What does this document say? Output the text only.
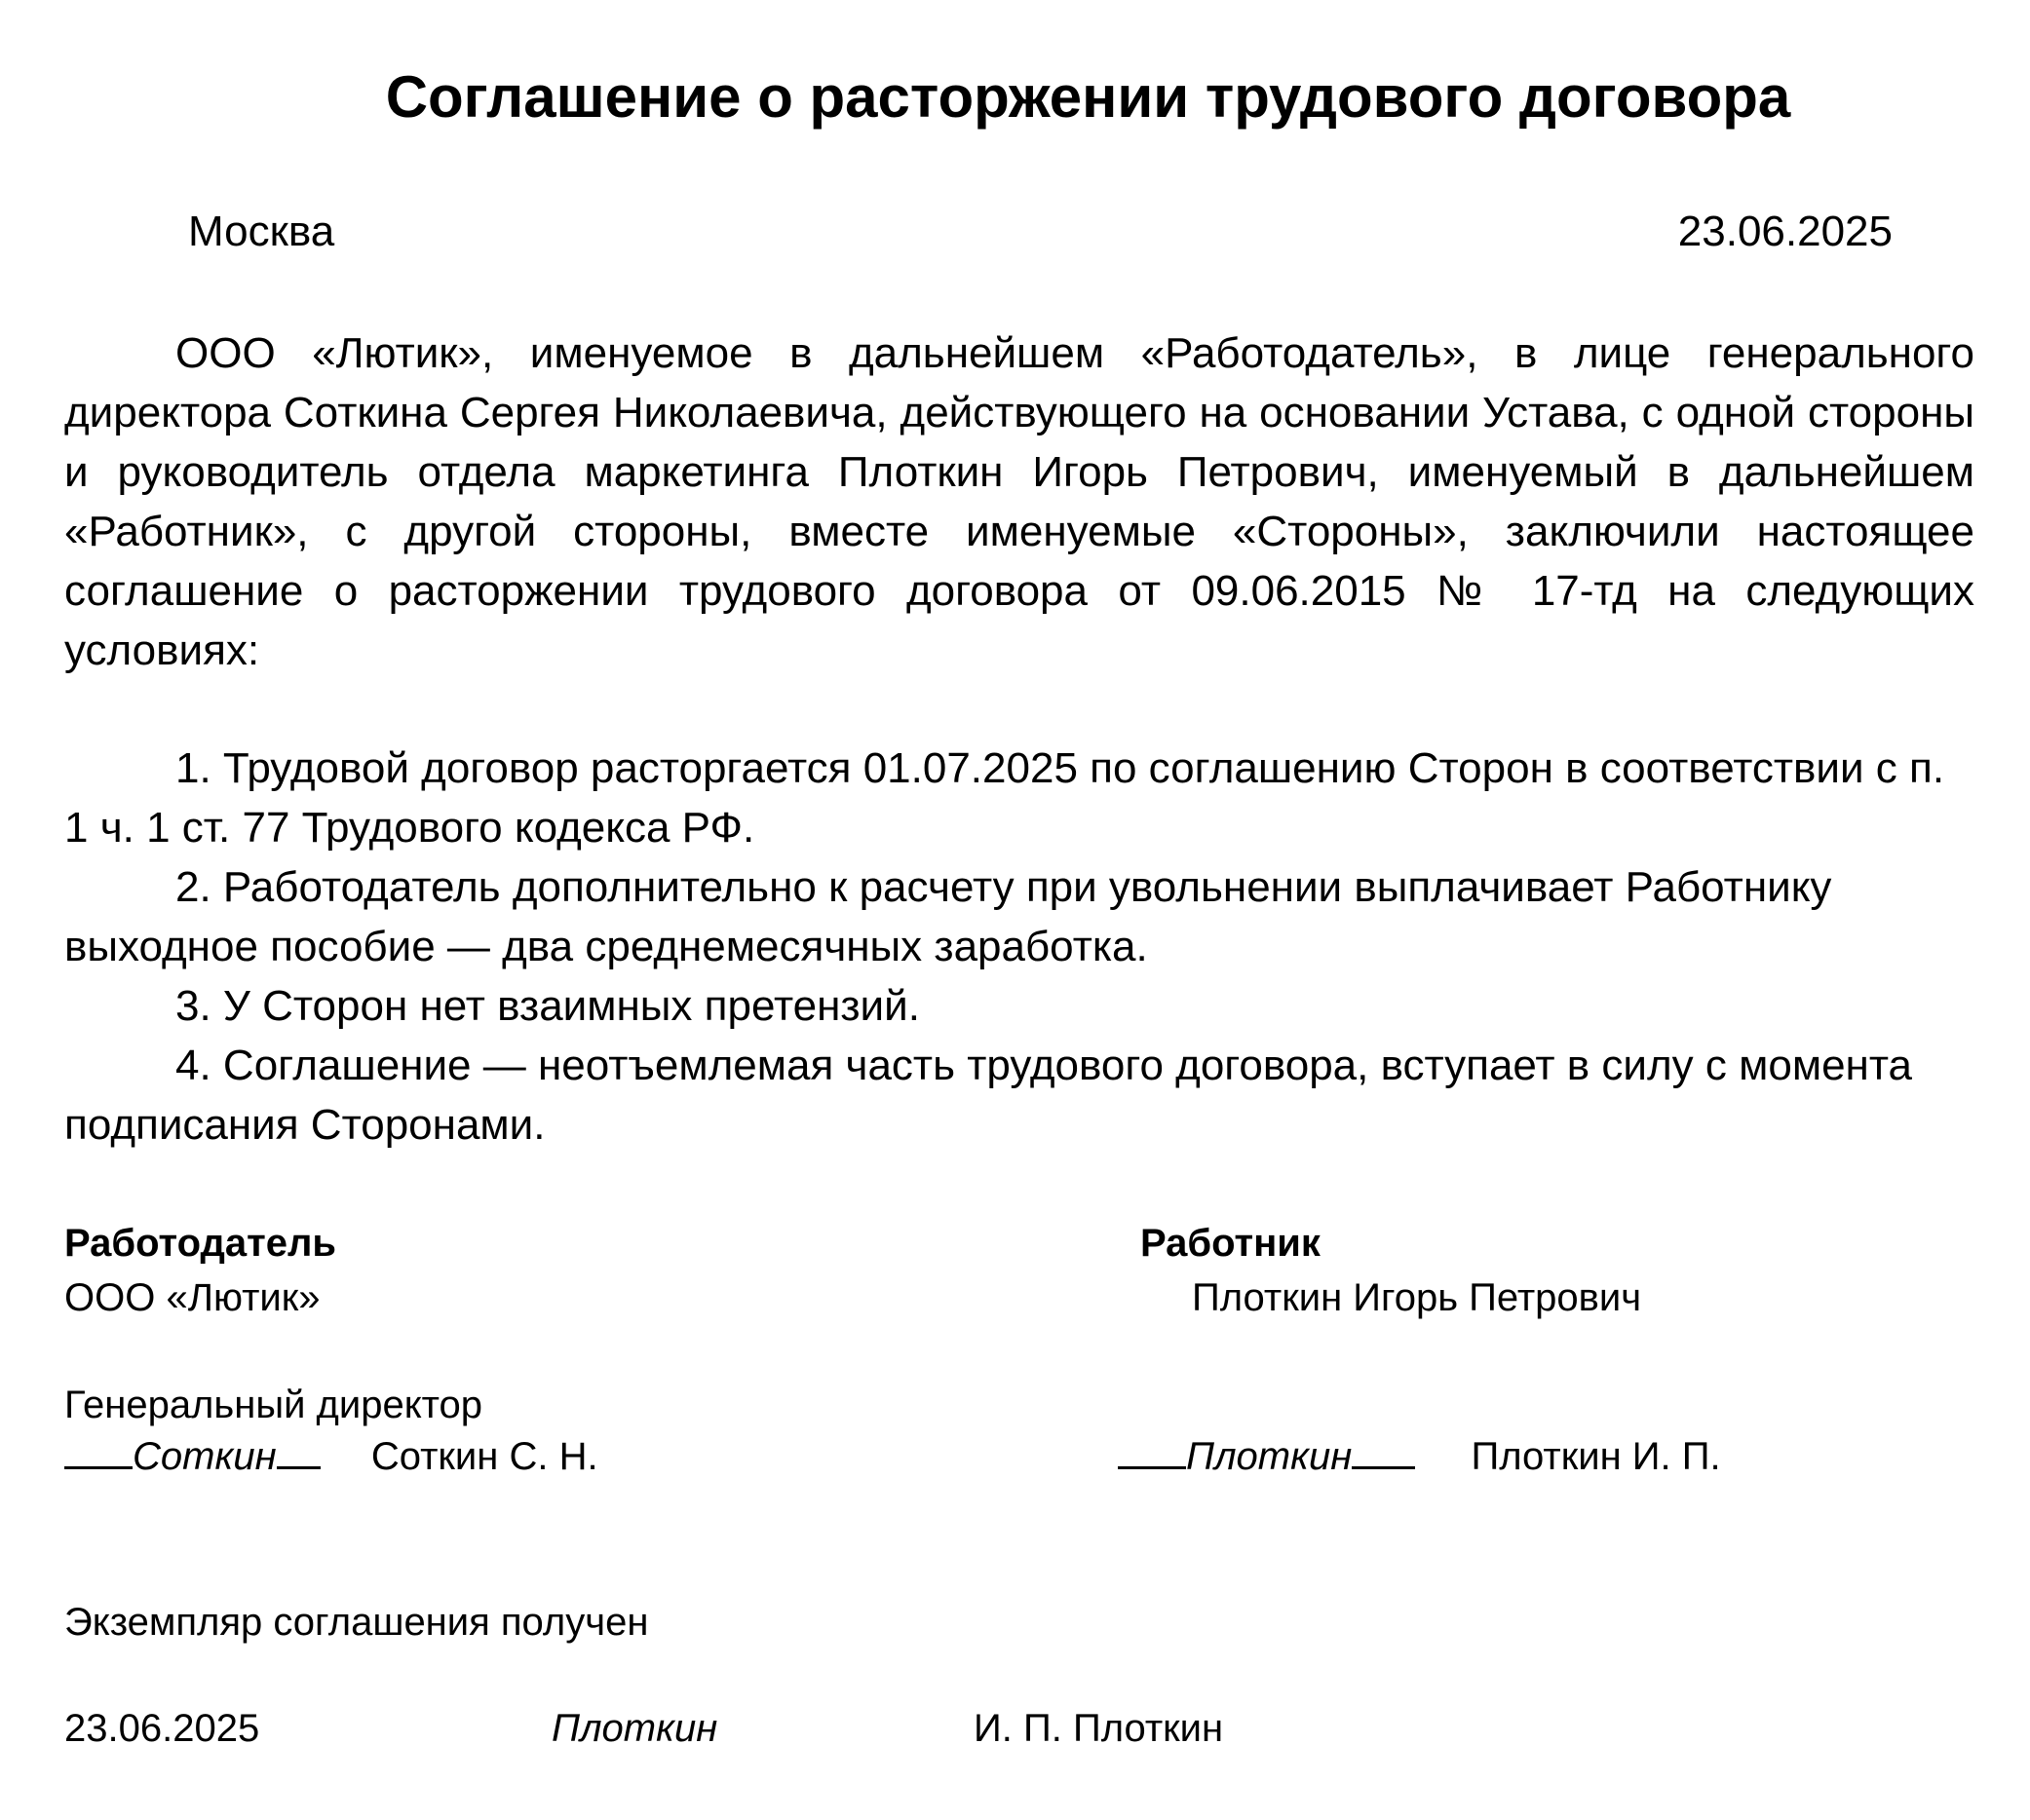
Соглашение о расторжении трудового договора
Москва	23.06.2025

ООО «Лютик», именуемое в дальнейшем «Работодатель», в лице генерального директора Соткина Сергея Николаевича, действующего на основании Устава, с одной стороны и руководитель отдела маркетинга Плоткин Игорь Петрович, именуемый в дальнейшем «Работник», с другой стороны, вместе именуемые «Стороны», заключили настоящее соглашение о расторжении трудового договора от 09.06.2015 № 17-тд на следующих условиях:

1. Трудовой договор расторгается 01.07.2025 по соглашению Сторон в соответствии с п. 1 ч. 1 ст. 77 Трудового кодекса РФ.

2. Работодатель дополнительно к расчету при увольнении выплачивает Работнику выходное пособие — два среднемесячных заработка.

3. У Сторон нет взаимных претензий.

4. Соглашение — неотъемлемая часть трудового договора, вступает в силу с момента подписания Сторонами.

Работодатель	Работник
ООО «Лютик»	Плоткин Игорь Петрович
Генеральный директор
Соткин Соткин С. Н.	Плоткин	Плоткин И. П.
Экземпляр соглашения получен
23.06.2025	Плоткин	И. П. Плоткин
